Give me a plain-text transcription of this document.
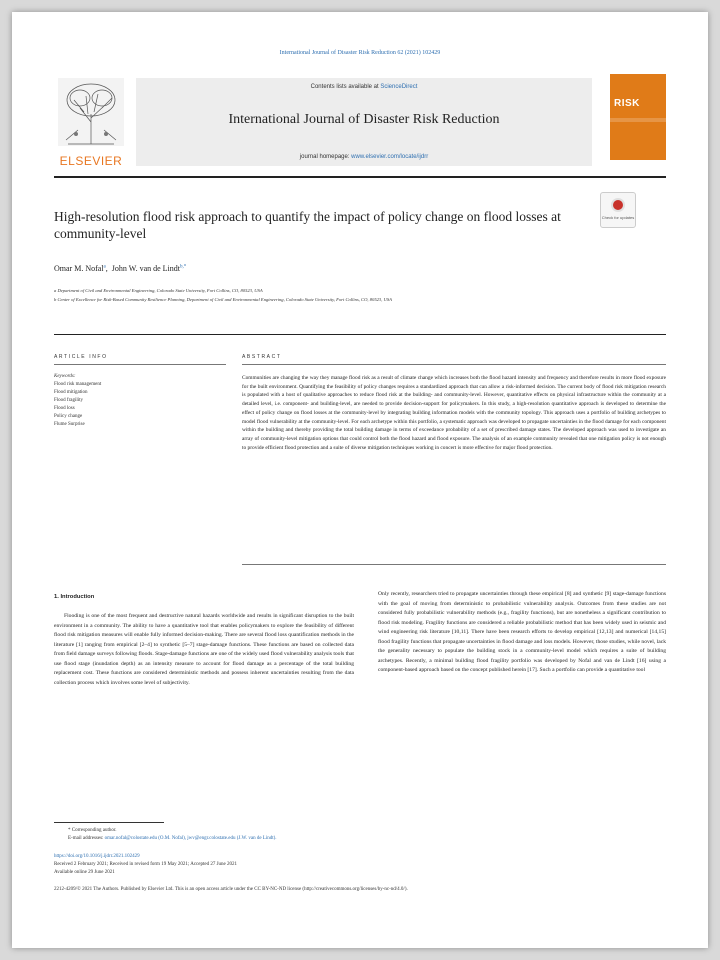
International Journal of Disaster Risk Reduction 62 (2021) 102429
ELSEVIER
Contents lists available at ScienceDirect
International Journal of Disaster Risk Reduction
journal homepage: www.elsevier.com/locate/ijdrr
RISK
High-resolution flood risk approach to quantify the impact of policy change on flood losses at community-level
Check for updates
Omar M. Nofal$^a$,  John W. van de Lindt$^{b,*}$
a Department of Civil and Environmental Engineering, Colorado State University, Fort Collins, CO, 80523, USA
b Center of Excellence for Risk-Based Community Resilience Planning, Department of Civil and Environmental Engineering, Colorado State University, Fort Collins, CO, 80523, USA
ARTICLE INFO
Keywords:
Flood risk management
Flood mitigation
Flood fragility
Flood loss
Policy change
Flume Surprise
ABSTRACT

Communities are changing the way they manage flood risk as a result of climate change which increases both the flood hazard intensity and frequency and therefore results in more flood exposure for the built environment. Quantifying the feasibility of policy changes requires a standardized approach that can allow a risk-informed decision. The current body of flood risk mitigation research is populated with a host of qualitative approaches to reduce flood risk at the building- and community-level. However, quantitative effects on physical infrastructure within the community at a detailed level, i.e. component- and building-level, are needed to provide decision-support for policymakers. In this study, a high-resolution quantitative approach is developed to determine the effect of policy change on flood losses at the community-level by integrating building information models with the community topology. This approach uses a portfolio of building archetypes to model flood vulnerability at the community-level. For each archetype within this portfolio, a systematic approach was developed to propagate uncertainties in the flood damage for each component within the building and thereby providing the total building damage in terms of exceedance probability of a set of prescribed damage states. The developed approach was used to investigate an array of community-level mitigation options that could control both the flood hazard and flood exposure. The analysis of an example community revealed that one mitigation policy is not enough to provide efficient flood protection and a suite of diverse mitigation techniques working in concert is more effective for major flood protection.

1. Introduction

Flooding is one of the most frequent and destructive natural hazards worldwide and results in significant disruption to the built environment in a community. The ability to have a quantitative tool that enables policymakers to explore the feasibility of different flood risk mitigation measures will enable fully informed decision-making. There are several flood loss quantification methods in the literature [1] ranging from empirical [2–4] to synthetic [5–7] stage-damage functions. These functions are based on collected data from field damage surveys following floods. Stage-damage functions are one of the widely used flood vulnerability analysis tools that use flood stage (inundation depth) as an intensity measure to account for flood damage as a percentage of the total building replacement cost. These functions are considered deterministic methods and possess inherent uncertainties resulting from the data collection process which involves some level of subjectivity.

Only recently, researchers tried to propagate uncertainties through these empirical [8] and synthetic [9] stage-damage functions with the goal of moving from deterministic to probabilistic vulnerability analysis. Outcomes from these studies are not considered fully probabilistic vulnerability methods (e.g., fragility functions), but are nonetheless a significant contribution to flood risk modeling. Fragility functions are considered a reliable probabilistic method that has been widely used in seismic and wind engineering risk literature [10,11]. There have been research efforts to develop empirical [12,13] and numerical [14,15] flood fragility functions that propagate uncertainties in flood damage and loss models. However, those studies, while novel, lack the generality necessary to populate the building stock in a community-level model which requires a suite of building archetypes. Recently, a minimal building flood fragility portfolio was developed by Nofal and van de Lindt [16] using a component-based approach based on the concept published herein [17]. Such a portfolio can provide a quantitative tool

* Corresponding author.
E-mail addresses: omar.nofal@colostate.edu (O.M. Nofal), jwv@engr.colostate.edu (J.W. van de Lindt).
https://doi.org/10.1016/j.ijdrr.2021.102429
Received 2 February 2021; Received in revised form 19 May 2021; Accepted 27 June 2021
Available online 29 June 2021
2212-4209/© 2021 The Authors. Published by Elsevier Ltd. This is an open access article under the CC BY-NC-ND license (http://creativecommons.org/licenses/by-nc-nd/4.0/).
